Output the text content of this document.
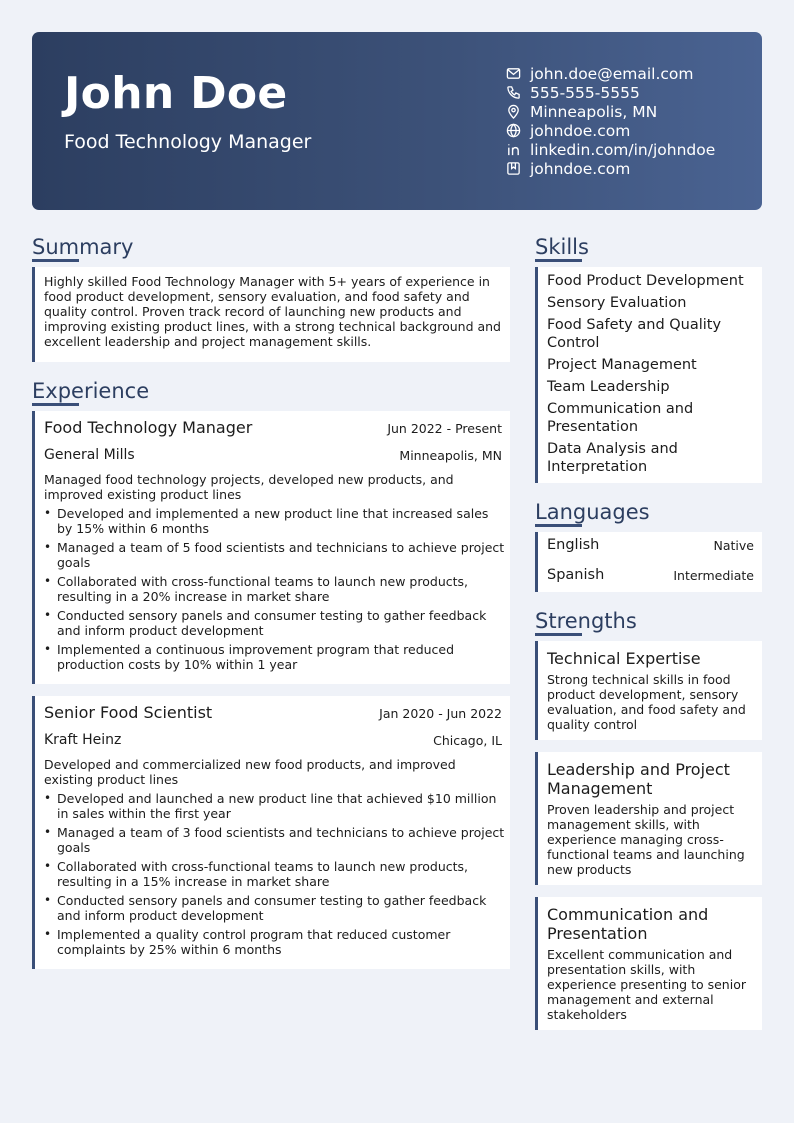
John Doe
Food Technology Manager
john.doe@email.com
555-555-5555
Minneapolis, MN
johndoe.com
linkedin.com/in/johndoe
johndoe.com
Summary
Highly skilled Food Technology Manager with 5+ years of experience in food product development, sensory evaluation, and food safety and quality control. Proven track record of launching new products and improving existing product lines, with a strong technical background and excellent leadership and project management skills.
Experience
Food Technology Manager	Jun 2022 - Present
General Mills	Minneapolis, MN
Managed food technology projects, developed new products, and improved existing product lines
• Developed and implemented a new product line that increased sales by 15% within 6 months
• Managed a team of 5 food scientists and technicians to achieve project goals
• Collaborated with cross-functional teams to launch new products, resulting in a 20% increase in market share
• Conducted sensory panels and consumer testing to gather feedback and inform product development
• Implemented a continuous improvement program that reduced production costs by 10% within 1 year
Senior Food Scientist	Jan 2020 - Jun 2022
Kraft Heinz	Chicago, IL
Developed and commercialized new food products, and improved existing product lines
• Developed and launched a new product line that achieved $10 million in sales within the first year
• Managed a team of 3 food scientists and technicians to achieve project goals
• Collaborated with cross-functional teams to launch new products, resulting in a 15% increase in market share
• Conducted sensory panels and consumer testing to gather feedback and inform product development
• Implemented a quality control program that reduced customer complaints by 25% within 6 months
Skills
Food Product Development
Sensory Evaluation
Food Safety and Quality Control
Project Management
Team Leadership
Communication and Presentation
Data Analysis and Interpretation
Languages
English	Native
Spanish	Intermediate
Strengths
Technical Expertise
Strong technical skills in food product development, sensory evaluation, and food safety and quality control
Leadership and Project Management
Proven leadership and project management skills, with experience managing cross-functional teams and launching new products
Communication and Presentation
Excellent communication and presentation skills, with experience presenting to senior management and external stakeholders
